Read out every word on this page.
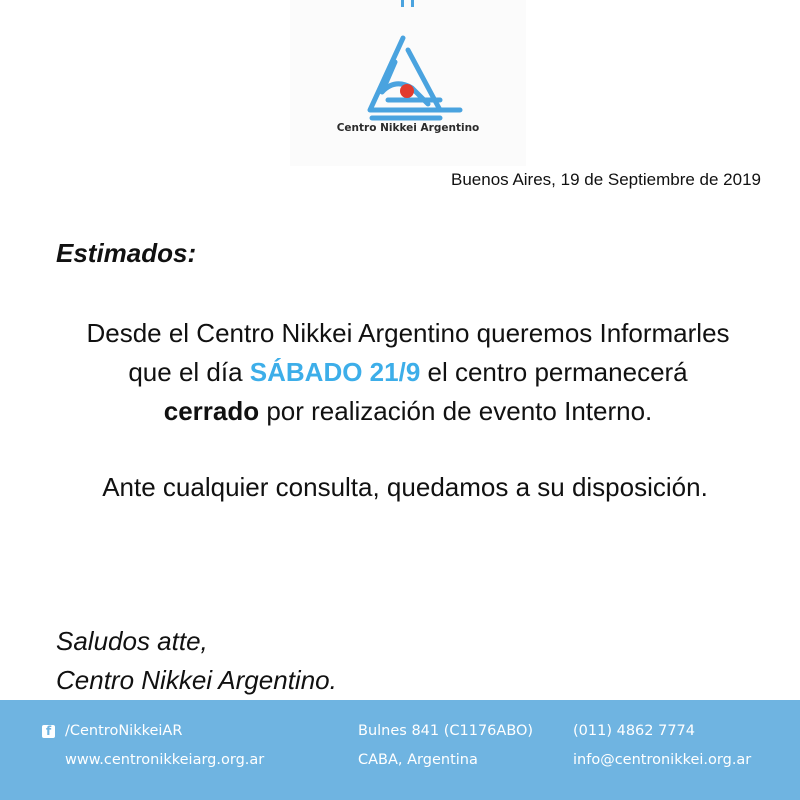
Centro Nikkei Argentino
Buenos Aires, 19 de Septiembre de 2019
Estimados:
Desde el Centro Nikkei Argentino queremos Informarles
que el día SÁBADO 21/9 el centro permanecerá
cerrado por realización de evento Interno.
Ante cualquier consulta, quedamos a su disposición.
Saludos atte,
Centro Nikkei Argentino.
f /CentroNikkeiAR
www.centronikkeiarg.org.ar
Bulnes 841 (C1176ABO)
CABA, Argentina
(011) 4862 7774
info@centronikkei.org.ar
